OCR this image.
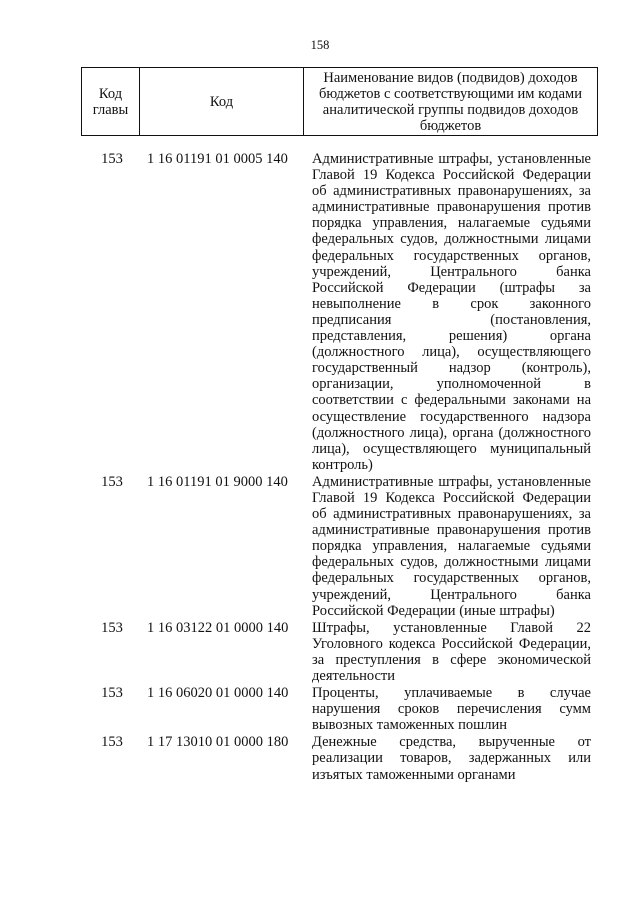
158
Код главы	Код	Наименование видов (подвидов) доходов бюджетов с соответствующими им кодами аналитической группы подвидов доходов бюджетов
153	1 16 01191 01 0005 140	Административные штрафы, установленные Главой 19 Кодекса Российской Федерации об административных правонарушениях, за административные правонарушения против порядка управления, налагаемые судьями федеральных судов, должностными лицами федеральных государственных органов, учреждений, Центрального банка Российской Федерации (штрафы за невыполнение в срок законного предписания (постановления, представления, решения) органа (должностного лица), осуществляющего государственный надзор (контроль), организации, уполномоченной в соответствии с федеральными законами на осуществление государственного надзора (должностного лица), органа (должностного лица), осуществляющего муниципальный контроль)
153	1 16 01191 01 9000 140	Административные штрафы, установленные Главой 19 Кодекса Российской Федерации об административных правонарушениях, за административные правонарушения против порядка управления, налагаемые судьями федеральных судов, должностными лицами федеральных государственных органов, учреждений, Центрального банка Российской Федерации (иные штрафы)
153	1 16 03122 01 0000 140	Штрафы, установленные Главой 22 Уголовного кодекса Российской Федерации, за преступления в сфере экономической деятельности
153	1 16 06020 01 0000 140	Проценты, уплачиваемые в случае нарушения сроков перечисления сумм вывозных таможенных пошлин
153	1 17 13010 01 0000 180	Денежные средства, вырученные от реализации товаров, задержанных или изъятых таможенными органами
